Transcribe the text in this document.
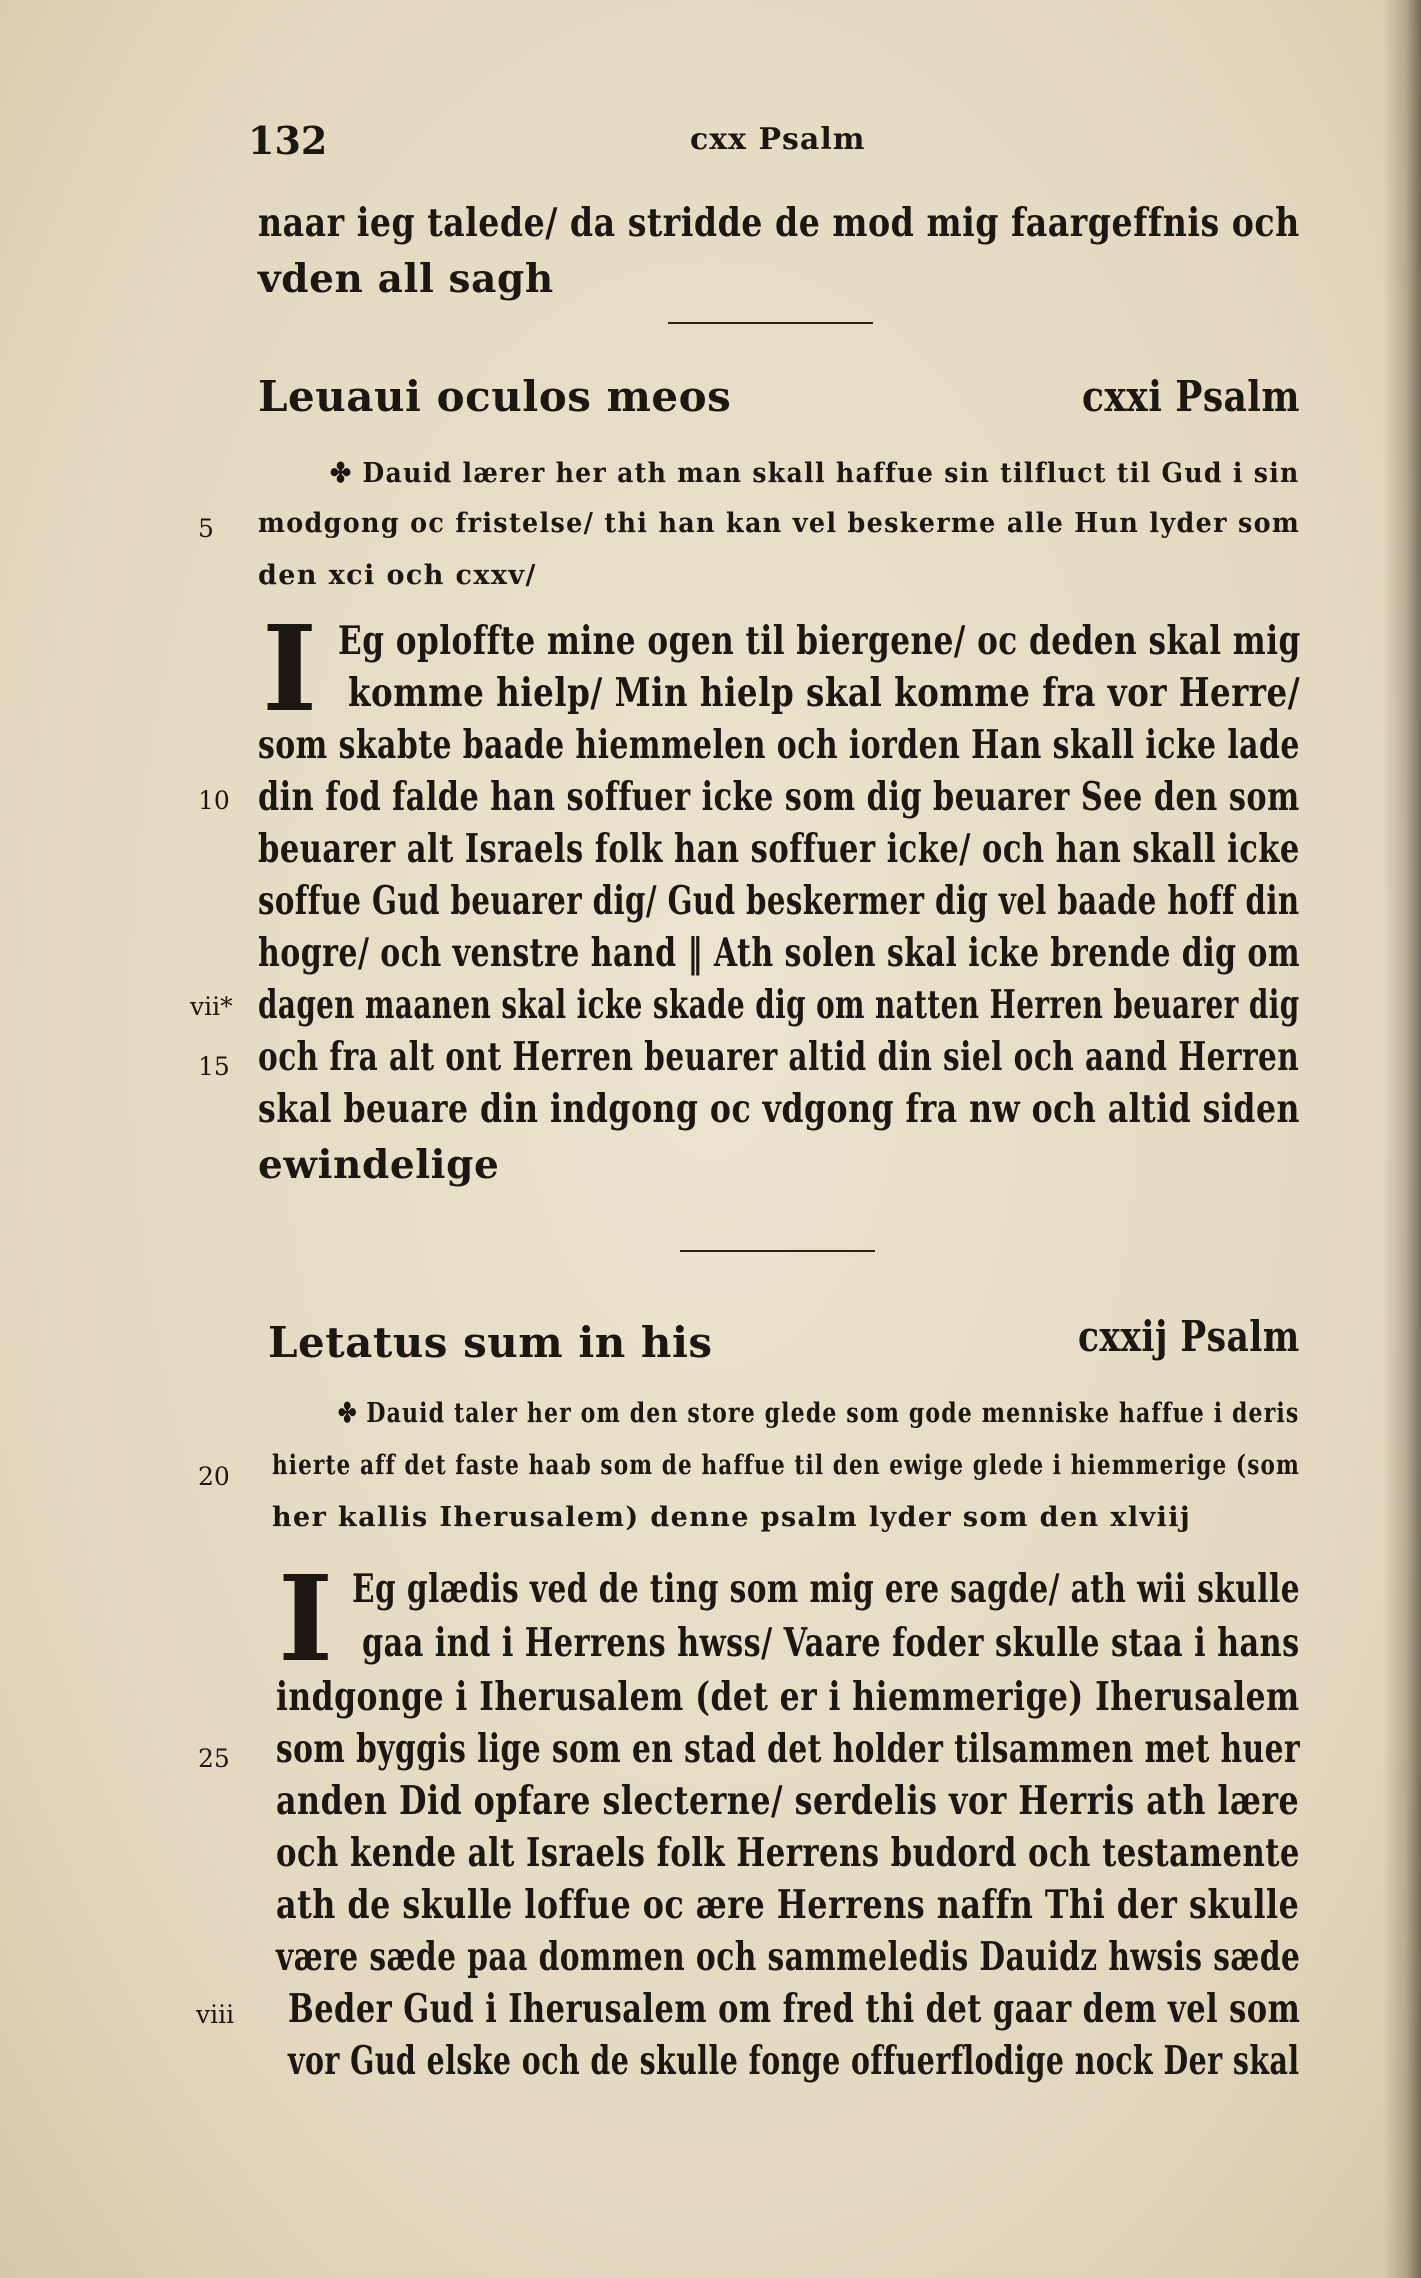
132	cxx Psalm
naar ieg talede/ da stridde de mod mig faargeffnis och
vden all sagh
Leuaui oculos meos	cxxi Psalm
✤ Dauid lærer her ath man skall haffue sin tilfluct til Gud i sin
5 modgong oc fristelse/ thi han kan vel beskerme alle Hun lyder som
den xci och cxxv/
I Eg oploffte mine ogen til biergene/ oc deden skal mig
komme hielp/ Min hielp skal komme fra vor Herre/
som skabte baade hiemmelen och iorden Han skall icke lade
10 din fod falde han soffuer icke som dig beuarer See den som
beuarer alt Israels folk han soffuer icke/ och han skall icke
soffue Gud beuarer dig/ Gud beskermer dig vel baade hoff din
hogre/ och venstre hand ‖ Ath solen skal icke brende dig om
vii* dagen maanen skal icke skade dig om natten Herren beuarer dig
15 och fra alt ont Herren beuarer altid din siel och aand Herren
skal beuare din indgong oc vdgong fra nw och altid siden
ewindelige
Letatus sum in his	cxxij Psalm
✤ Dauid taler her om den store glede som gode menniske haffue i deris
20 hierte aff det faste haab som de haffue til den ewige glede i hiemmerige (som
her kallis Iherusalem) denne psalm lyder som den xlviij
I Eg glædis ved de ting som mig ere sagde/ ath wii skulle
gaa ind i Herrens hwss/ Vaare foder skulle staa i hans
indgonge i Iherusalem (det er i hiemmerige) Iherusalem
25 som byggis lige som en stad det holder tilsammen met huer
anden Did opfare slecterne/ serdelis vor Herris ath lære
och kende alt Israels folk Herrens budord och testamente
ath de skulle loffue oc ære Herrens naffn Thi der skulle
være sæde paa dommen och sammeledis Dauidz hwsis sæde
viii Beder Gud i Iherusalem om fred thi det gaar dem vel som
vor Gud elske och de skulle fonge offuerflodige nock Der skal
